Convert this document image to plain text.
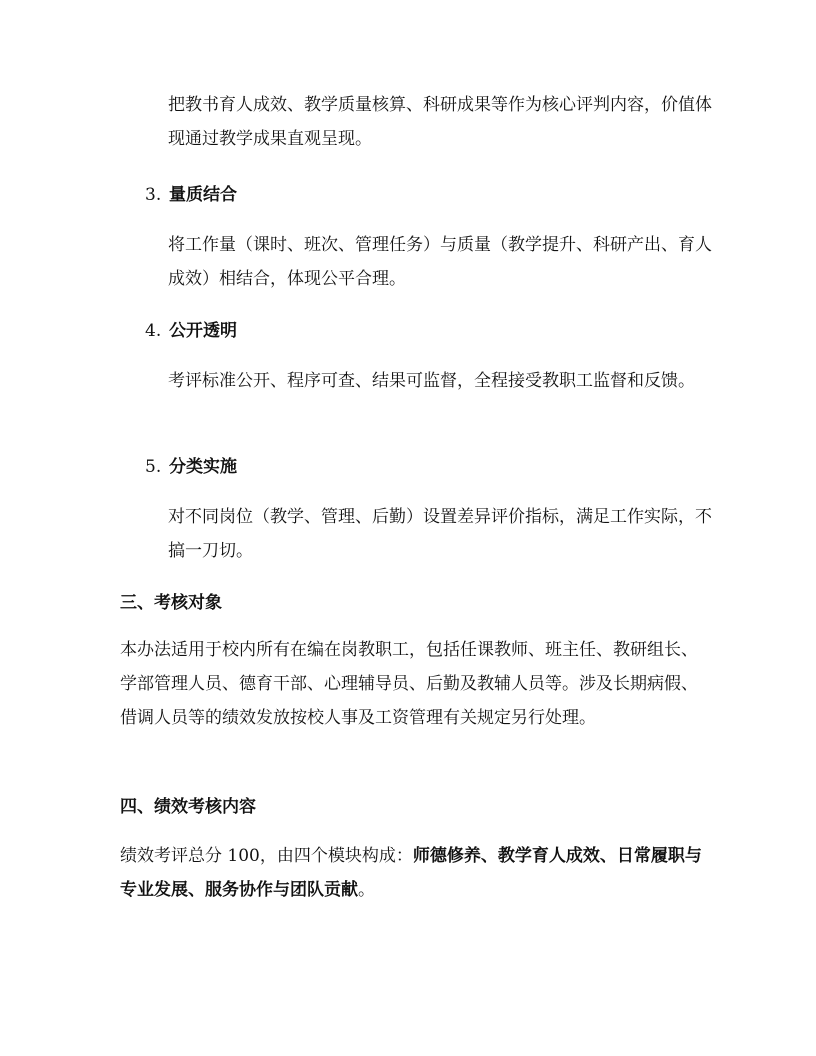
把教书育人成效、教学质量核算、科研成果等作为核心评判内容，价值体现通过教学成果直观呈现。

3. 量质结合

将工作量（课时、班次、管理任务）与质量（教学提升、科研产出、育人成效）相结合，体现公平合理。

4. 公开透明

考评标准公开、程序可查、结果可监督，全程接受教职工监督和反馈。

5. 分类实施

对不同岗位（教学、管理、后勤）设置差异评价指标，满足工作实际，不搞一刀切。

三、考核对象

本办法适用于校内所有在编在岗教职工，包括任课教师、班主任、教研组长、学部管理人员、德育干部、心理辅导员、后勤及教辅人员等。涉及长期病假、借调人员等的绩效发放按校人事及工资管理有关规定另行处理。

四、绩效考核内容

绩效考评总分 100，由四个模块构成：师德修养、教学育人成效、日常履职与专业发展、服务协作与团队贡献。
